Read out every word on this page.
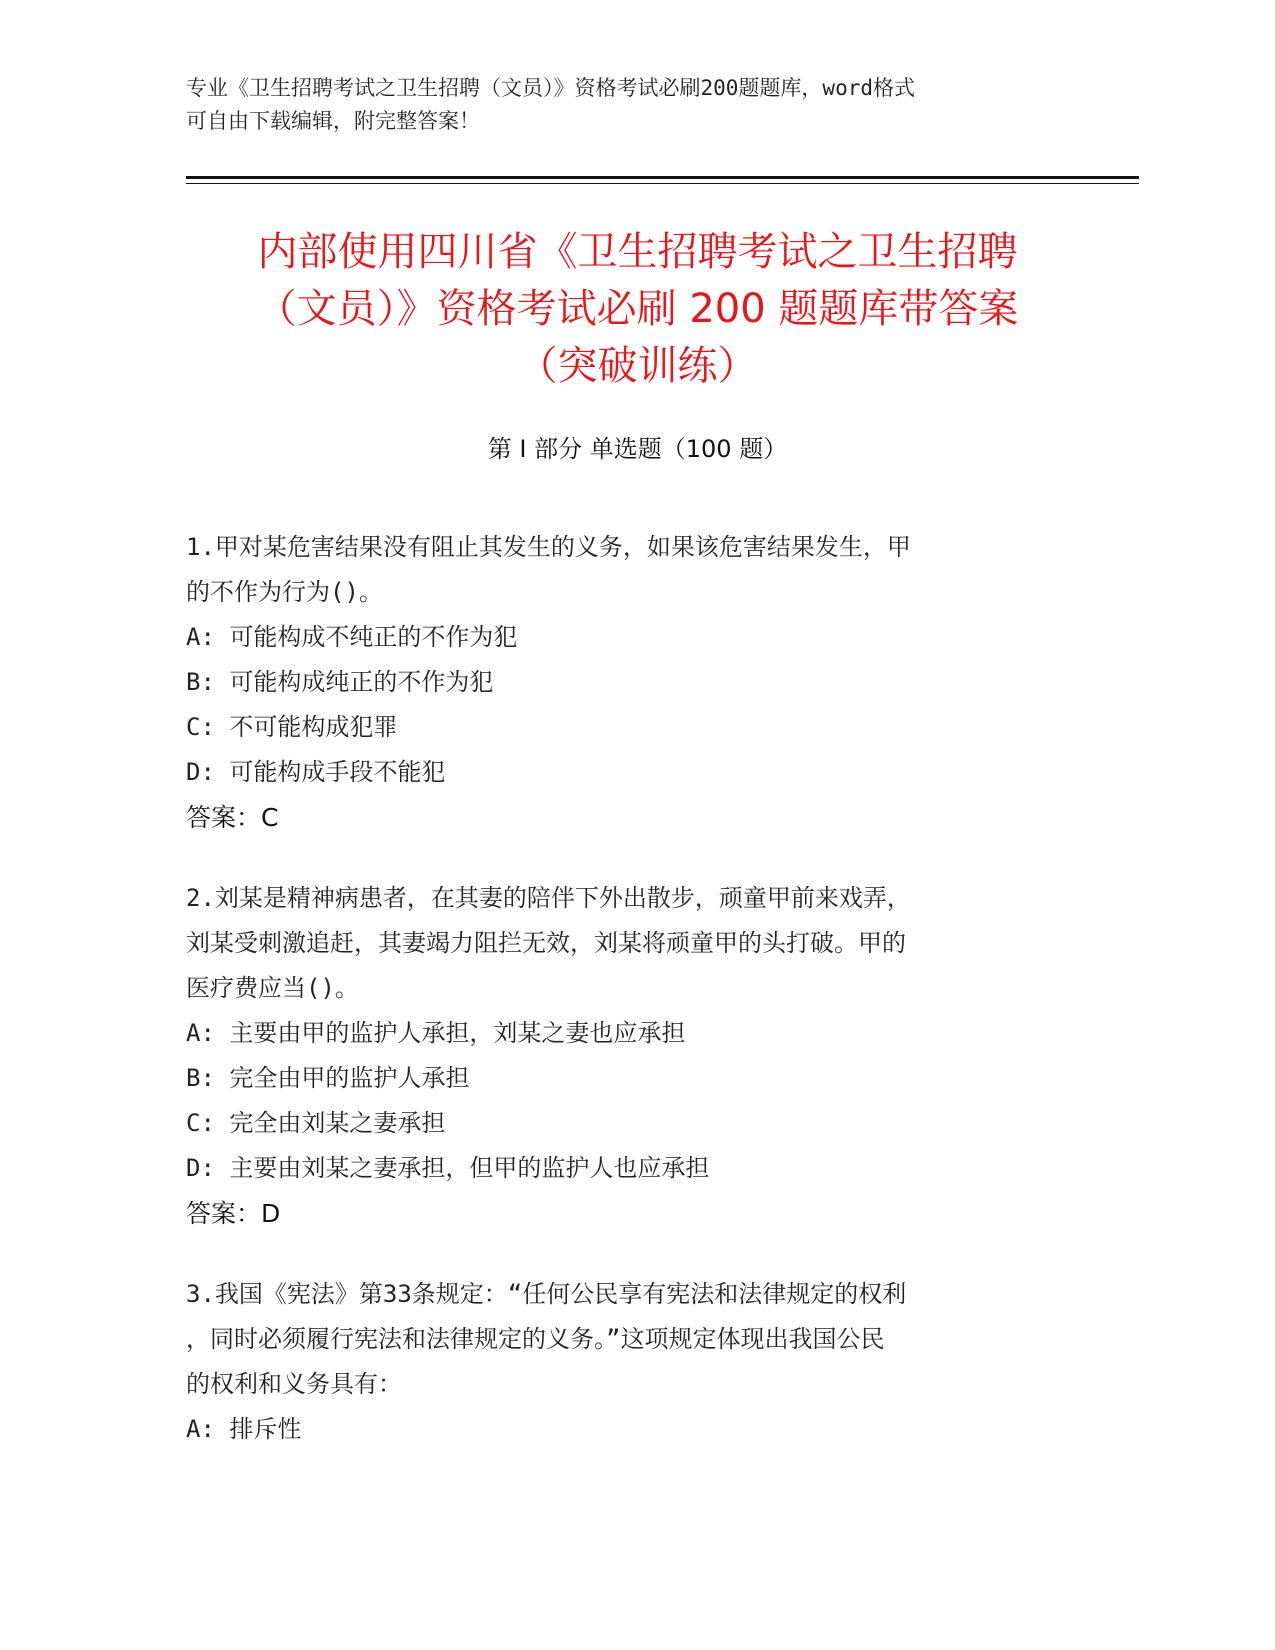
专业《卫生招聘考试之卫生招聘（文员）》资格考试必刷200题题库，word格式
可自由下载编辑，附完整答案！
内部使用四川省《卫生招聘考试之卫生招聘
（文员）》资格考试必刷 200 题题库带答案
（突破训练）
第 I 部分 单选题（100 题）
1.甲对某危害结果没有阻止其发生的义务，如果该危害结果发生，甲
的不作为行为()。
A: 可能构成不纯正的不作为犯
B: 可能构成纯正的不作为犯
C: 不可能构成犯罪
D: 可能构成手段不能犯
答案：C
2.刘某是精神病患者，在其妻的陪伴下外出散步，顽童甲前来戏弄，
刘某受刺激追赶，其妻竭力阻拦无效，刘某将顽童甲的头打破。甲的
医疗费应当()。
A: 主要由甲的监护人承担，刘某之妻也应承担
B: 完全由甲的监护人承担
C: 完全由刘某之妻承担
D: 主要由刘某之妻承担，但甲的监护人也应承担
答案：D
3.我国《宪法》第33条规定：“任何公民享有宪法和法律规定的权利
，同时必须履行宪法和法律规定的义务。”这项规定体现出我国公民
的权利和义务具有：
A: 排斥性
